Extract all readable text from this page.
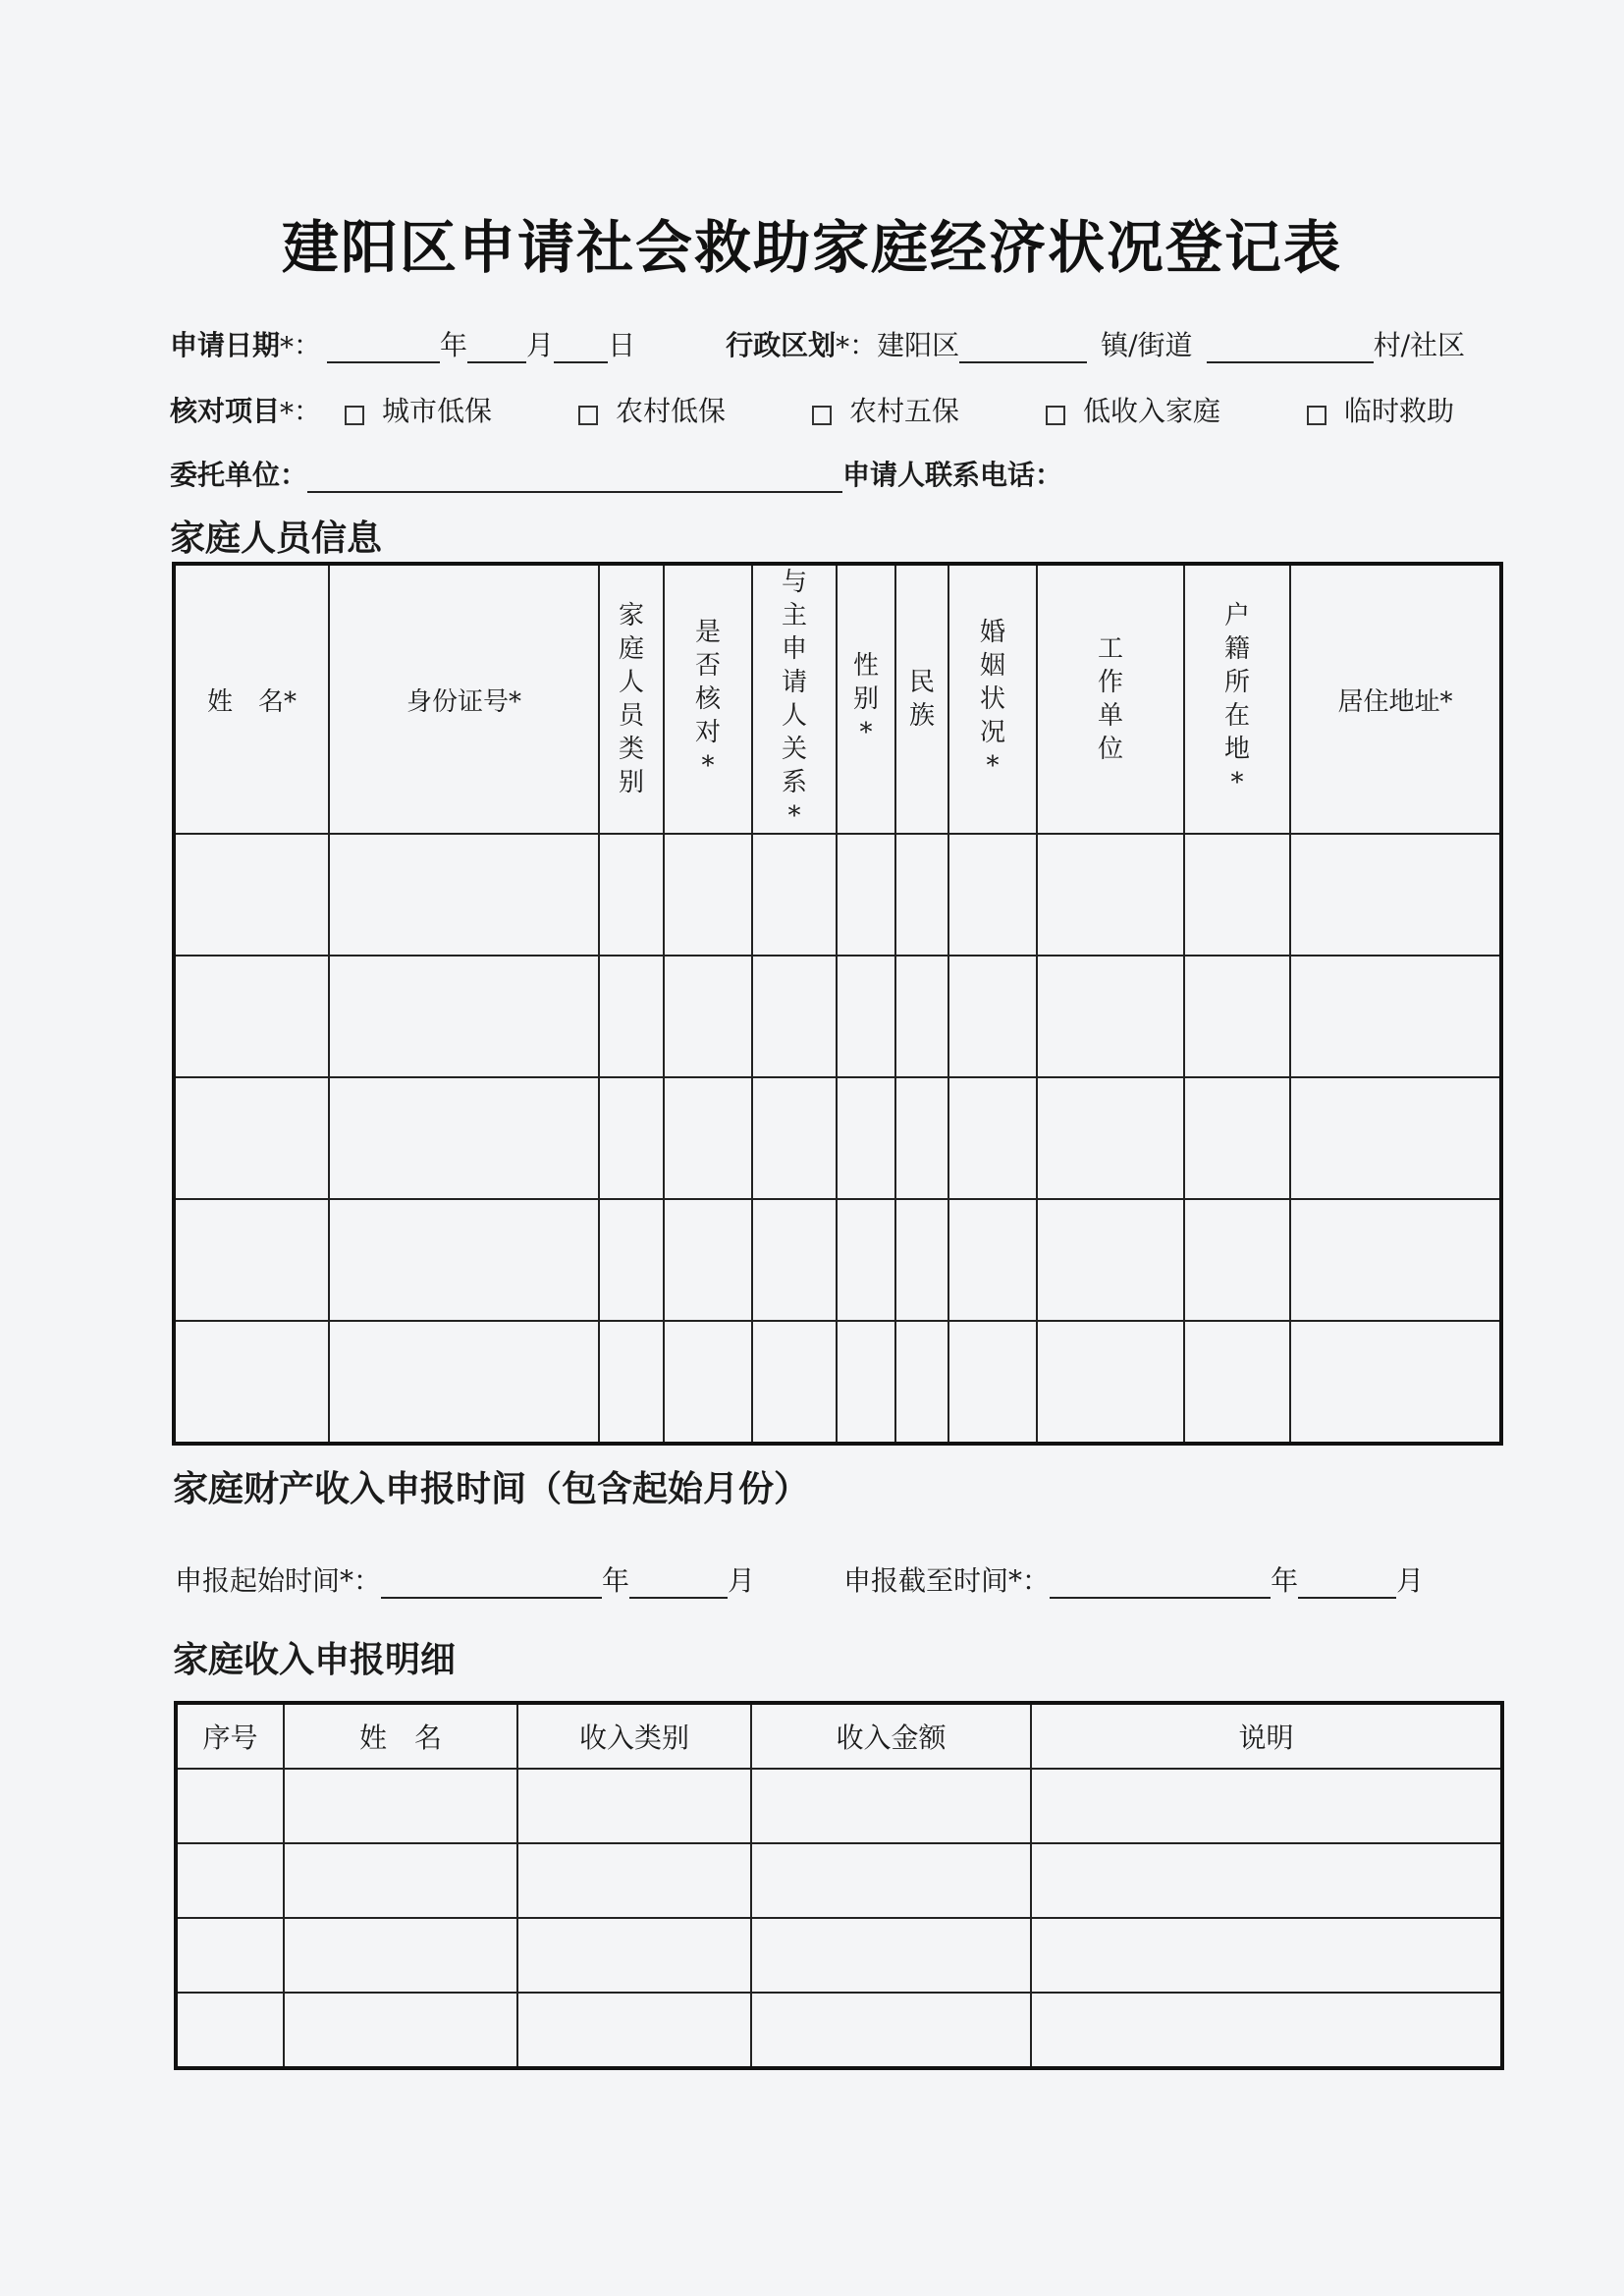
建阳区申请社会救助家庭经济状况登记表
申请日期 * ：	年 月 日	行政区划 * ： 建阳区	镇/街道	村/社区
核对项目 * ： 城市低保	农村低保	农村五保	低收入家庭	临时救助
委托单位：	申请人联系电话：
家庭人员信息
姓　名*	身份证号*	家庭人员类别	是否核对*	与主申请人关系*	性　别*	民　族	婚姻状况*	工作单位	户籍所在地*	居住地址*

家庭财产收入申报时间（包含起始月份）
申报起始时间*：	年	月	申报截至时间*：	年	月
家庭收入申报明细
序号	姓　名	收入类别	收入金额	说明
